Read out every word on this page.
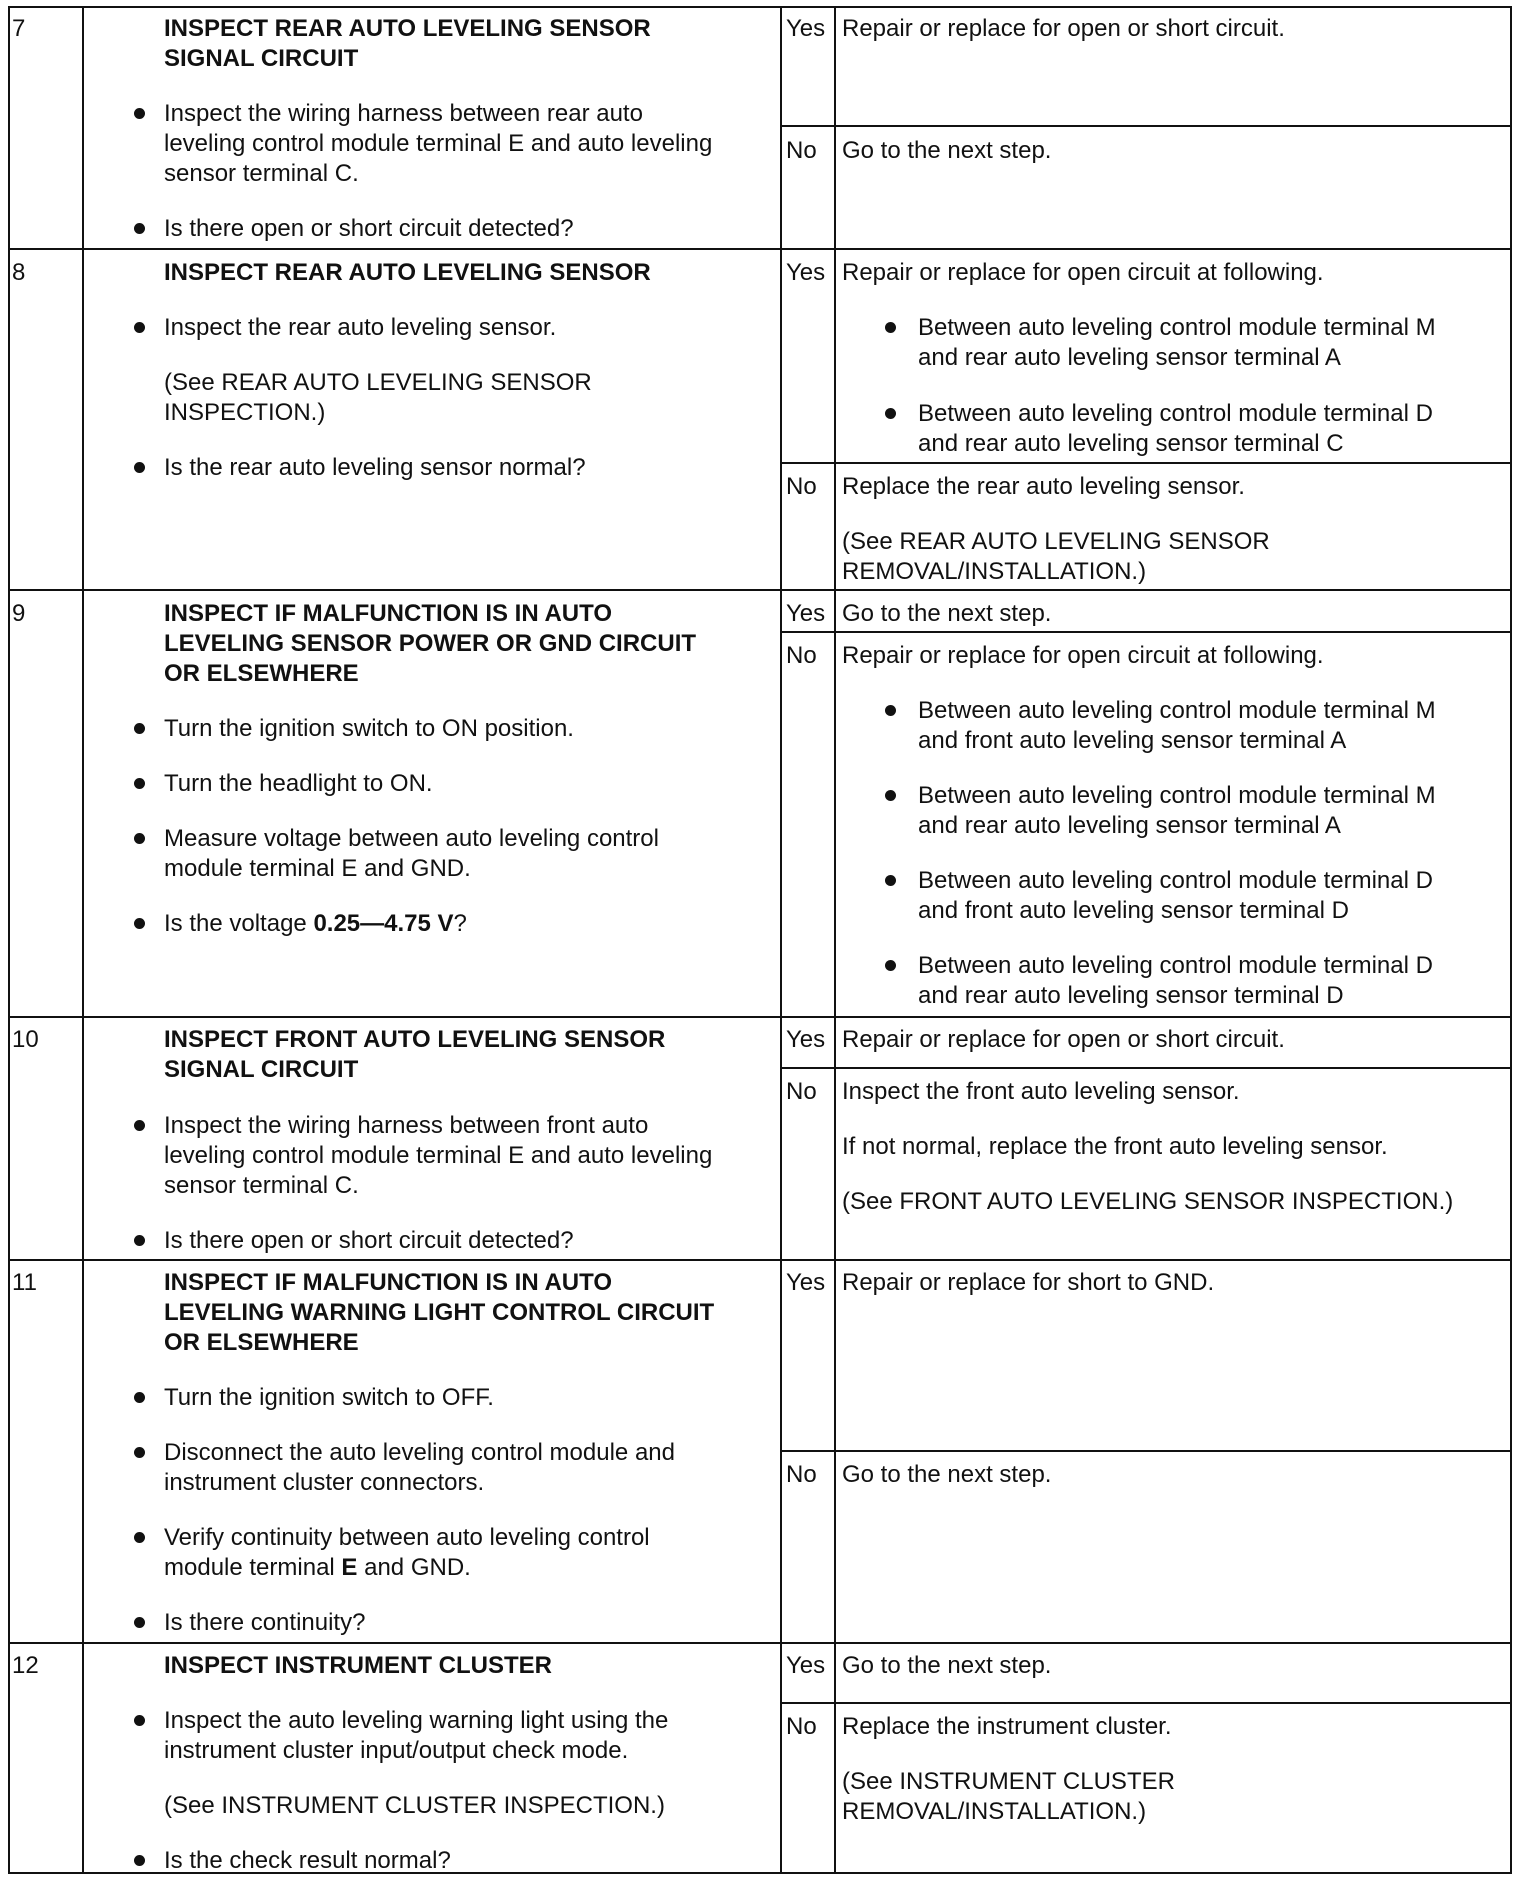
7	INSPECT REAR AUTO LEVELING SENSOR
SIGNAL CIRCUIT
Inspect the wiring harness between rear auto
leveling control module terminal E and auto leveling
sensor terminal C.
Is there open or short circuit detected?
Yes Repair or replace for open or short circuit.
No Go to the next step.
8	INSPECT REAR AUTO LEVELING SENSOR
Inspect the rear auto leveling sensor.
(See REAR AUTO LEVELING SENSOR
INSPECTION.)
Is the rear auto leveling sensor normal?
Yes Repair or replace for open circuit at following.
Between auto leveling control module terminal M
and rear auto leveling sensor terminal A
Between auto leveling control module terminal D
and rear auto leveling sensor terminal C
No Replace the rear auto leveling sensor.
(See REAR AUTO LEVELING SENSOR
REMOVAL/INSTALLATION.)
9	INSPECT IF MALFUNCTION IS IN AUTO
LEVELING SENSOR POWER OR GND CIRCUIT
OR ELSEWHERE
Turn the ignition switch to ON position.
Turn the headlight to ON.
Measure voltage between auto leveling control
module terminal E and GND.
Is the voltage 0.25—4.75 V?
Yes Go to the next step.
No Repair or replace for open circuit at following.
Between auto leveling control module terminal M
and front auto leveling sensor terminal A
Between auto leveling control module terminal M
and rear auto leveling sensor terminal A
Between auto leveling control module terminal D
and front auto leveling sensor terminal D
Between auto leveling control module terminal D
and rear auto leveling sensor terminal D
10	INSPECT FRONT AUTO LEVELING SENSOR
SIGNAL CIRCUIT
Inspect the wiring harness between front auto
leveling control module terminal E and auto leveling
sensor terminal C.
Is there open or short circuit detected?
Yes Repair or replace for open or short circuit.
No Inspect the front auto leveling sensor.
If not normal, replace the front auto leveling sensor.
(See FRONT AUTO LEVELING SENSOR INSPECTION.)
11	INSPECT IF MALFUNCTION IS IN AUTO
LEVELING WARNING LIGHT CONTROL CIRCUIT
OR ELSEWHERE
Turn the ignition switch to OFF.
Disconnect the auto leveling control module and
instrument cluster connectors.
Verify continuity between auto leveling control
module terminal E and GND.
Is there continuity?
Yes Repair or replace for short to GND.
No Go to the next step.
12	INSPECT INSTRUMENT CLUSTER
Inspect the auto leveling warning light using the
instrument cluster input/output check mode.
(See INSTRUMENT CLUSTER INSPECTION.)
Is the check result normal?
Yes Go to the next step.
No Replace the instrument cluster.
(See INSTRUMENT CLUSTER
REMOVAL/INSTALLATION.)
